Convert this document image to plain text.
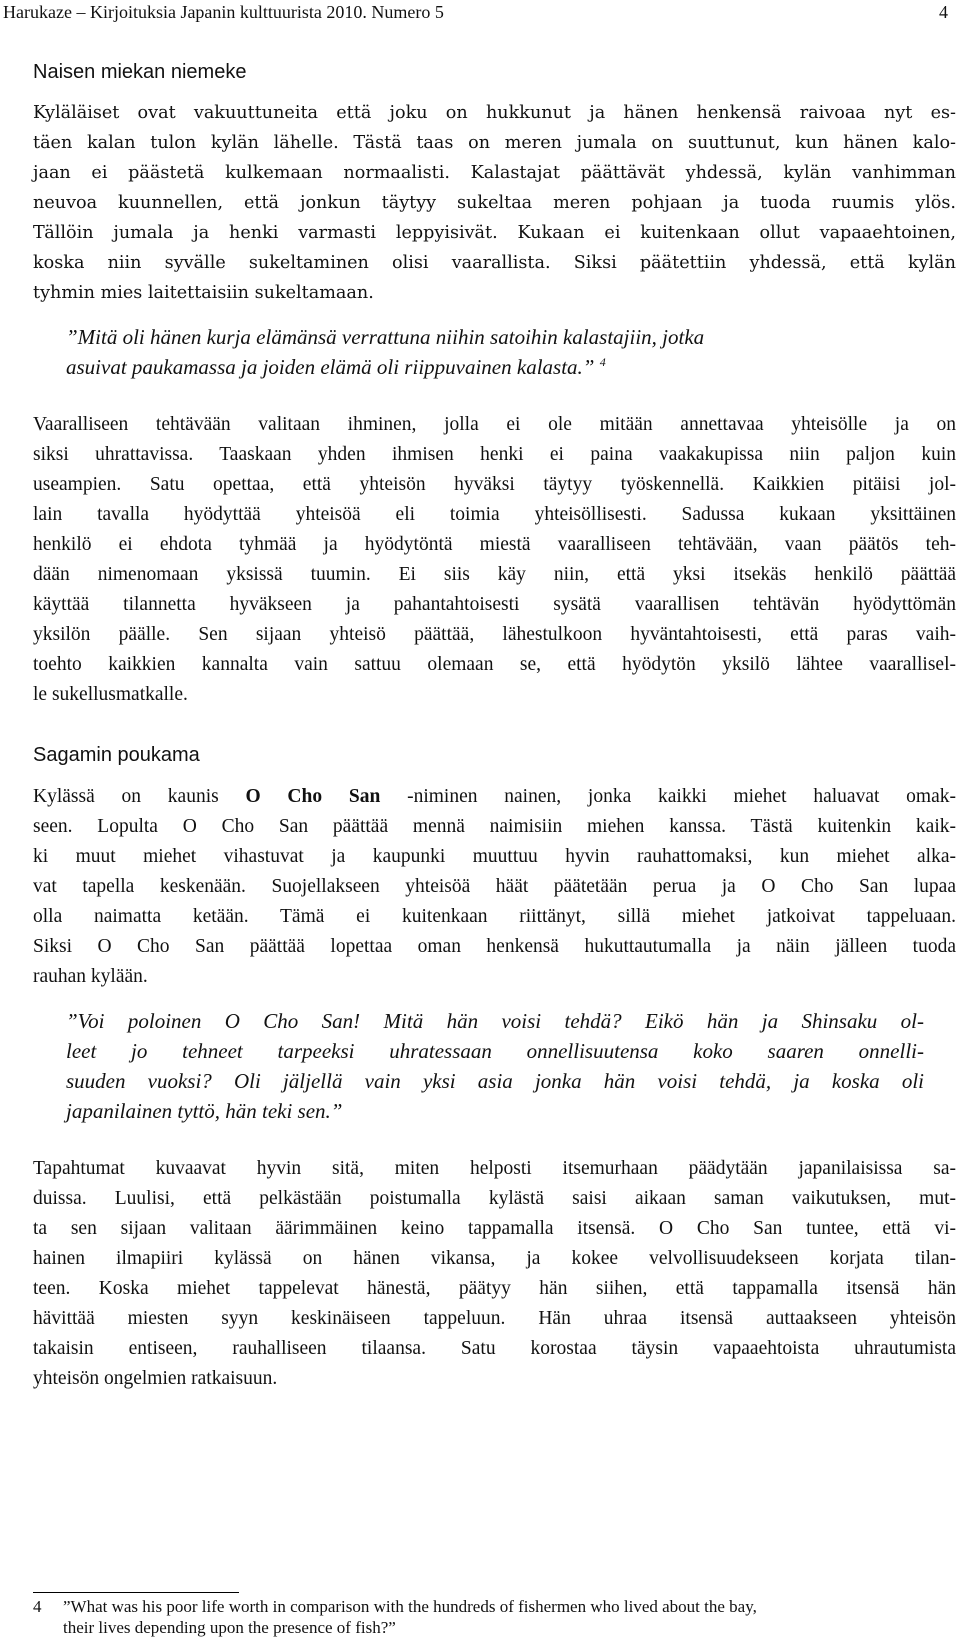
Harukaze – Kirjoituksia Japanin kulttuurista 2010. Numero 5	4
Naisen miekan niemeke
Kyläläiset ovat vakuuttuneita että joku on hukkunut ja hänen henkensä raivoaa nyt es-
täen kalan tulon kylän lähelle. Tästä taas on meren jumala on suuttunut, kun hänen kalo-
jaan ei päästetä kulkemaan normaalisti. Kalastajat päättävät yhdessä, kylän vanhimman
neuvoa kuunnellen, että jonkun täytyy sukeltaa meren pohjaan ja tuoda ruumis ylös.
Tällöin jumala ja henki varmasti leppyisivät. Kukaan ei kuitenkaan ollut vapaaehtoinen,
koska niin syvälle sukeltaminen olisi vaarallista. Siksi päätettiin yhdessä, että kylän
tyhmin mies laitettaisiin sukeltamaan.
”Mitä oli hänen kurja elämänsä verrattuna niihin satoihin kalastajiin, jotka
asuivat paukamassa ja joiden elämä oli riippuvainen kalasta.” $^4$
Vaaralliseen tehtävään valitaan ihminen, jolla ei ole mitään annettavaa yhteisölle ja on
siksi uhrattavissa. Taaskaan yhden ihmisen henki ei paina vaakakupissa niin paljon kuin
useampien. Satu opettaa, että yhteisön hyväksi täytyy työskennellä. Kaikkien pitäisi jol-
lain tavalla hyödyttää yhteisöä eli toimia yhteisöllisesti. Sadussa kukaan yksittäinen
henkilö ei ehdota tyhmää ja hyödytöntä miestä vaaralliseen tehtävään, vaan päätös teh-
dään nimenomaan yksissä tuumin. Ei siis käy niin, että yksi itsekäs henkilö päättää
käyttää tilannetta hyväkseen ja pahantahtoisesti sysätä vaarallisen tehtävän hyödyttömän
yksilön päälle. Sen sijaan yhteisö päättää, lähestulkoon hyväntahtoisesti, että paras vaih-
toehto kaikkien kannalta vain sattuu olemaan se, että hyödytön yksilö lähtee vaarallisel-
le sukellusmatkalle.
Sagamin poukama
Kylässä on kaunis O Cho San -niminen nainen, jonka kaikki miehet haluavat omak-
seen. Lopulta O Cho San päättää mennä naimisiin miehen kanssa. Tästä kuitenkin kaik-
ki muut miehet vihastuvat ja kaupunki muuttuu hyvin rauhattomaksi, kun miehet alka-
vat tapella keskenään. Suojellakseen yhteisöä häät päätetään perua ja O Cho San lupaa
olla naimatta ketään. Tämä ei kuitenkaan riittänyt, sillä miehet jatkoivat tappeluaan.
Siksi O Cho San päättää lopettaa oman henkensä hukuttautumalla ja näin jälleen tuoda
rauhan kylään.
”Voi poloinen O Cho San! Mitä hän voisi tehdä? Eikö hän ja Shinsaku ol-
leet jo tehneet tarpeeksi uhratessaan onnellisuutensa koko saaren onnelli-
suuden vuoksi? Oli jäljellä vain yksi asia jonka hän voisi tehdä, ja koska oli
japanilainen tyttö, hän teki sen.”
Tapahtumat kuvaavat hyvin sitä, miten helposti itsemurhaan päädytään japanilaisissa sa-
duissa. Luulisi, että pelkästään poistumalla kylästä saisi aikaan saman vaikutuksen, mut-
ta sen sijaan valitaan äärimmäinen keino tappamalla itsensä. O Cho San tuntee, että vi-
hainen ilmapiiri kylässä on hänen vikansa, ja kokee velvollisuudekseen korjata tilan-
teen. Koska miehet tappelevat hänestä, päätyy hän siihen, että tappamalla itsensä hän
hävittää miesten syyn keskinäiseen tappeluun. Hän uhraa itsensä auttaakseen yhteisön
takaisin entiseen, rauhalliseen tilaansa. Satu korostaa täysin vapaaehtoista uhrautumista
yhteisön ongelmien ratkaisuun.
4 ”What was his poor life worth in comparison with the hundreds of fishermen who lived about the bay,
their lives depending upon the presence of fish?”
